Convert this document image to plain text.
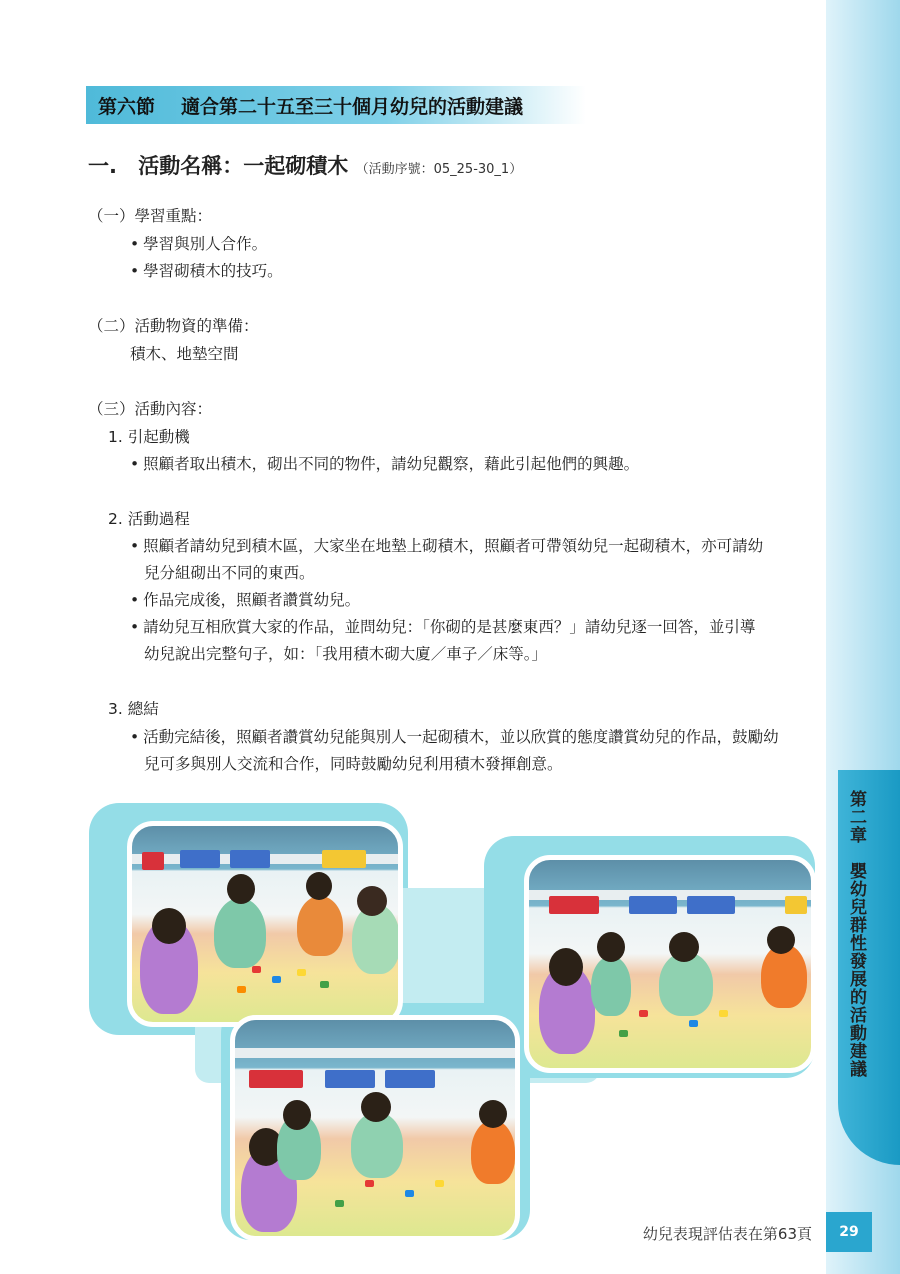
第二章　嬰幼兒群性發展的活動建議
第六節 適合第二十五至三十個月幼兒的活動建議
一. 活動名稱：一起砌積木 （活動序號：05_25-30_1）
（一）學習重點：
• 學習與別人合作。
• 學習砌積木的技巧。
（二）活動物資的準備：
積木、地墊空間
（三）活動內容：
1. 引起動機
• 照顧者取出積木，砌出不同的物件，請幼兒觀察，藉此引起他們的興趣。
2. 活動過程
• 照顧者請幼兒到積木區，大家坐在地墊上砌積木，照顧者可帶領幼兒一起砌積木，亦可請幼
兒分組砌出不同的東西。
• 作品完成後，照顧者讚賞幼兒。
• 請幼兒互相欣賞大家的作品，並問幼兒：「你砌的是甚麼東西？」請幼兒逐一回答，並引導
幼兒說出完整句子，如：「我用積木砌大廈／車子／床等。」
3. 總結
• 活動完結後，照顧者讚賞幼兒能與別人一起砌積木，並以欣賞的態度讚賞幼兒的作品，鼓勵幼
兒可多與別人交流和合作，同時鼓勵幼兒利用積木發揮創意。
幼兒表現評估表在第63頁 29
